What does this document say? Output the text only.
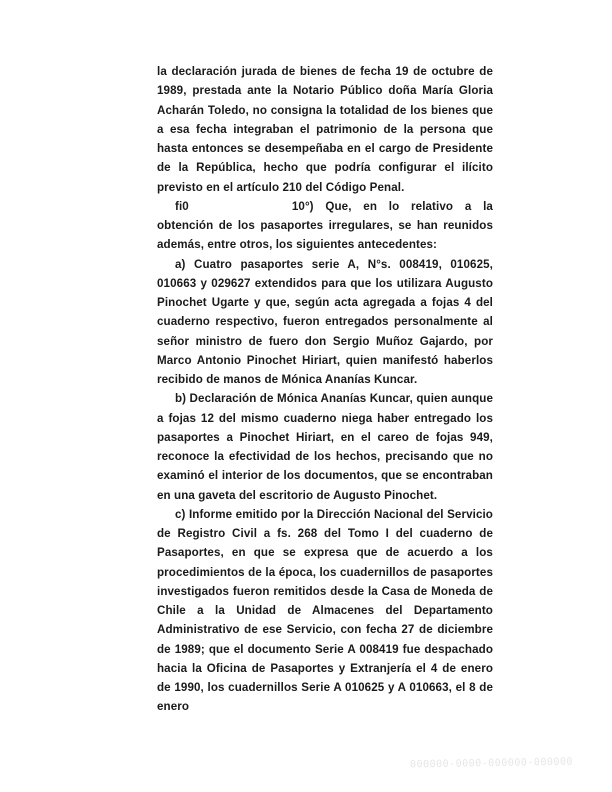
la declaración jurada de bienes de fecha 19 de octubre de 1989, prestada ante la Notario Público doña María Gloria Acharán Toledo, no consigna la totalidad de los bienes que a esa fecha integraban el patrimonio de la persona que hasta entonces se desempeñaba en el cargo de Presidente de la República, hecho que podría configurar el ilícito previsto en el artículo 210 del Código Penal.

fi0	10°) Que, en lo relativo a la obtención de los pasaportes irregulares, se han reunidos además, entre otros, los siguientes antecedentes:

a) Cuatro pasaportes serie A, N°s. 008419, 010625, 010663 y 029627 extendidos para que los utilizara Augusto Pinochet Ugarte y que, según acta agregada a fojas 4 del cuaderno respectivo, fueron entregados personalmente al señor ministro de fuero don Sergio Muñoz Gajardo, por Marco Antonio Pinochet Hiriart, quien manifestó haberlos recibido de manos de Mónica Ananías Kuncar.

b) Declaración de Mónica Ananías Kuncar, quien aunque a fojas 12 del mismo cuaderno niega haber entregado los pasaportes a Pinochet Hiriart, en el careo de fojas 949, reconoce la efectividad de los hechos, precisando que no examinó el interior de los documentos, que se encontraban en una gaveta del escritorio de Augusto Pinochet.

c) Informe emitido por la Dirección Nacional del Servicio de Registro Civil a fs. 268 del Tomo I del cuaderno de Pasaportes, en que se expresa que de acuerdo a los procedimientos de la época, los cuadernillos de pasaportes investigados fueron remitidos desde la Casa de Moneda de Chile a la Unidad de Almacenes del Departamento Administrativo de ese Servicio, con fecha 27 de diciembre de 1989; que el documento Serie A 008419 fue despachado hacia la Oficina de Pasaportes y Extranjería el 4 de enero de 1990, los cuadernillos Serie A 010625 y A 010663, el 8 de enero

000000-0000-000000-000000
